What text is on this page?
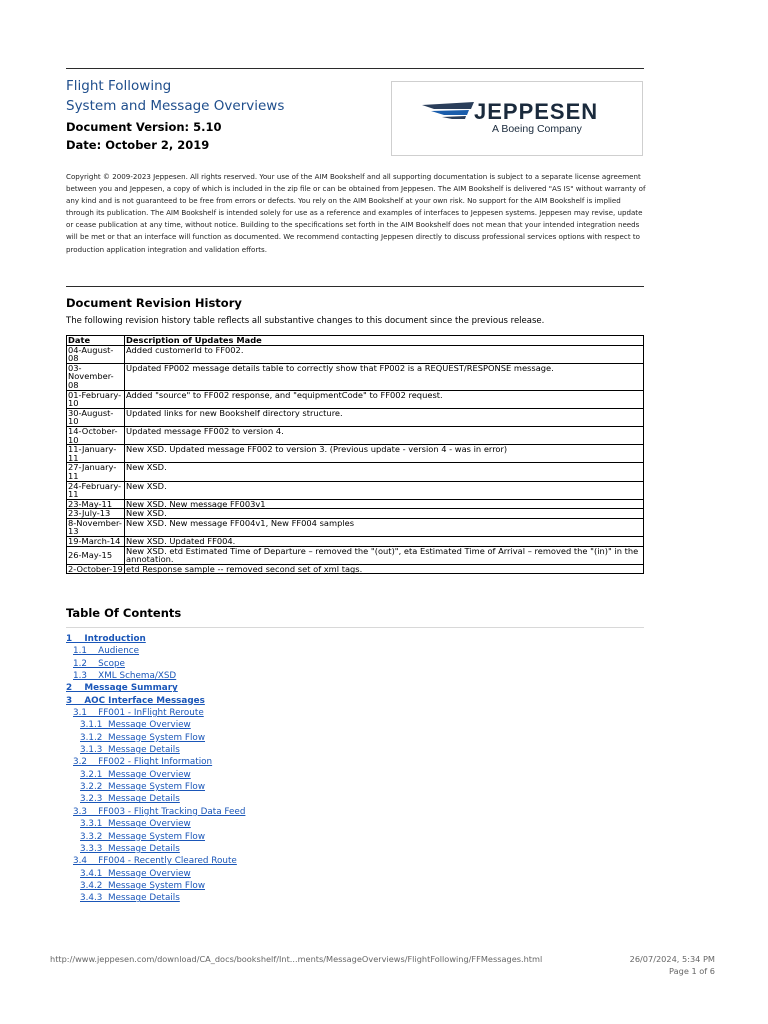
Flight Following
System and Message Overviews
Document Version: 5.10
Date: October 2, 2019
JEPPESEN
A Boeing Company
Copyright © 2009-2023 Jeppesen. All rights reserved. Your use of the AIM Bookshelf and all supporting documentation is subject to a separate license agreement between you and Jeppesen, a copy of which is included in the zip file or can be obtained from Jeppesen. The AIM Bookshelf is delivered "AS IS" without warranty of any kind and is not guaranteed to be free from errors or defects. You rely on the AIM Bookshelf at your own risk. No support for the AIM Bookshelf is implied through its publication. The AIM Bookshelf is intended solely for use as a reference and examples of interfaces to Jeppesen systems. Jeppesen may revise, update or cease publication at any time, without notice. Building to the specifications set forth in the AIM Bookshelf does not mean that your intended integration needs will be met or that an interface will function as documented. We recommend contacting Jeppesen directly to discuss professional services options with respect to production application integration and validation efforts.
Document Revision History
The following revision history table reflects all substantive changes to this document since the previous release.
Date	Description of Updates Made
04-August-08	Added customerId to FF002.
03-November-08	Updated FP002 message details table to correctly show that FP002 is a REQUEST/RESPONSE message.
01-February-10	Added "source" to FF002 response, and "equipmentCode" to FF002 request.
30-August-10	Updated links for new Bookshelf directory structure.
14-October-10	Updated message FF002 to version 4.
11-January-11	New XSD. Updated message FF002 to version 3. (Previous update - version 4 - was in error)
27-January-11	New XSD.
24-February-11	New XSD.
23-May-11	New XSD. New message FF003v1
23-July-13	New XSD.
8-November-13	New XSD. New message FF004v1, New FF004 samples
19-March-14	New XSD. Updated FF004.
26-May-15	New XSD. etd Estimated Time of Departure – removed the "(out)", eta Estimated Time of Arrival – removed the "(in)" in the annotation.
2-October-19	etd Response sample -- removed second set of xml tags.
Table Of Contents
1    Introduction
1.1    Audience
1.2    Scope
1.3    XML Schema/XSD
2    Message Summary
3    AOC Interface Messages
3.1    FF001 - InFlight Reroute
3.1.1  Message Overview
3.1.2  Message System Flow
3.1.3  Message Details
3.2    FF002 - Flight Information
3.2.1  Message Overview
3.2.2  Message System Flow
3.2.3  Message Details
3.3    FF003 - Flight Tracking Data Feed
3.3.1  Message Overview
3.3.2  Message System Flow
3.3.3  Message Details
3.4    FF004 - Recently Cleared Route
3.4.1  Message Overview
3.4.2  Message System Flow
3.4.3  Message Details
http://www.jeppesen.com/download/CA_docs/bookshelf/Int...ments/MessageOverviews/FlightFollowing/FFMessages.html	26/07/2024, 5:34 PM
Page 1 of 6
